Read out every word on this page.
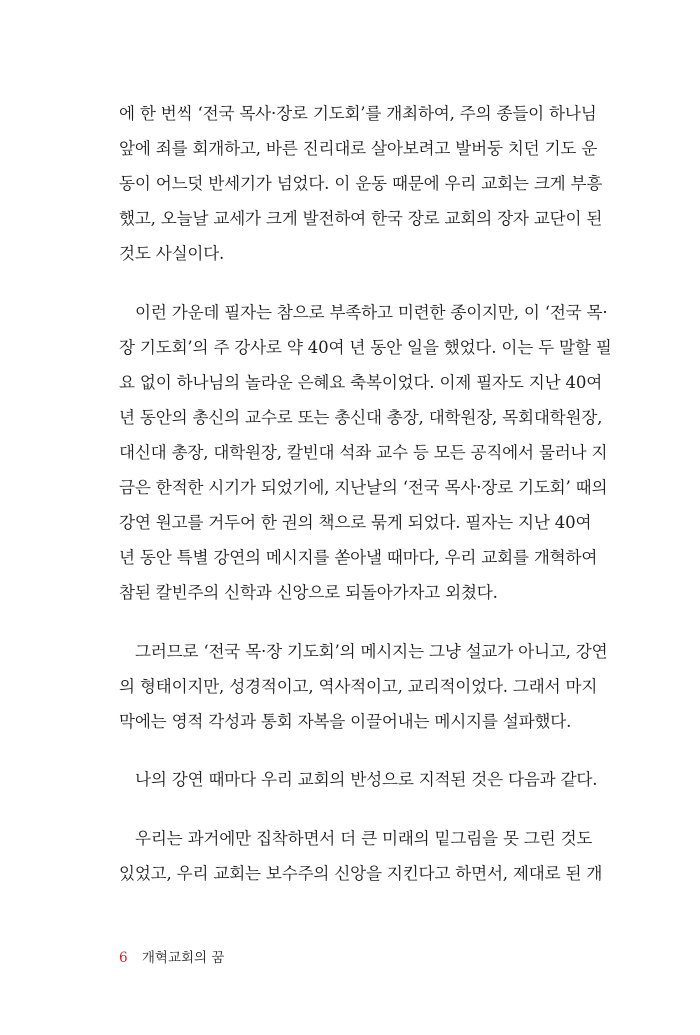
에 한 번씩 ‘전국 목사·장로 기도회’를 개최하여, 주의 종들이 하나님
앞에 죄를 회개하고, 바른 진리대로 살아보려고 발버둥 치던 기도 운
동이 어느덧 반세기가 넘었다. 이 운동 때문에 우리 교회는 크게 부흥
했고, 오늘날 교세가 크게 발전하여 한국 장로 교회의 장자 교단이 된
것도 사실이다.
이런 가운데 필자는 참으로 부족하고 미련한 종이지만, 이 ‘전국 목·
장 기도회’의 주 강사로 약 40여 년 동안 일을 했었다. 이는 두 말할 필
요 없이 하나님의 놀라운 은혜요 축복이었다. 이제 필자도 지난 40여
년 동안의 총신의 교수로 또는 총신대 총장, 대학원장, 목회대학원장,
대신대 총장, 대학원장, 칼빈대 석좌 교수 등 모든 공직에서 물러나 지
금은 한적한 시기가 되었기에, 지난날의 ‘전국 목사·장로 기도회’ 때의
강연 원고를 거두어 한 권의 책으로 묶게 되었다. 필자는 지난 40여
년 동안 특별 강연의 메시지를 쏟아낼 때마다, 우리 교회를 개혁하여
참된 칼빈주의 신학과 신앙으로 되돌아가자고 외쳤다.
그러므로 ‘전국 목·장 기도회’의 메시지는 그냥 설교가 아니고, 강연
의 형태이지만, 성경적이고, 역사적이고, 교리적이었다. 그래서 마지
막에는 영적 각성과 통회 자복을 이끌어내는 메시지를 설파했다.
나의 강연 때마다 우리 교회의 반성으로 지적된 것은 다음과 같다.
우리는 과거에만 집착하면서 더 큰 미래의 밑그림을 못 그린 것도
있었고, 우리 교회는 보수주의 신앙을 지킨다고 하면서, 제대로 된 개
6 개혁교회의 꿈
